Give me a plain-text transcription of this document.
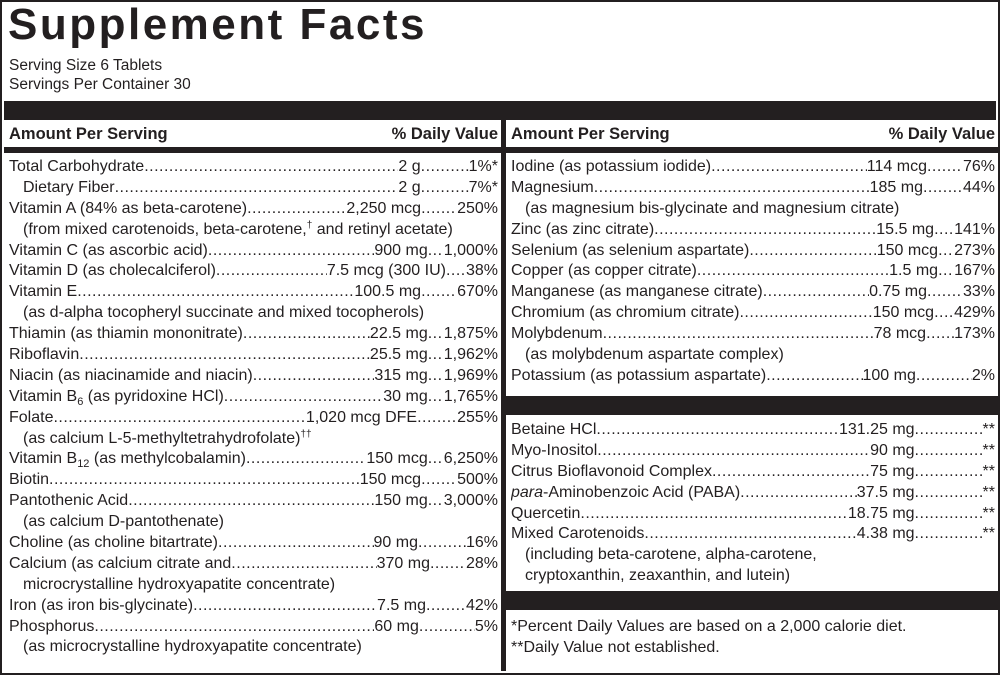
Supplement Facts
Serving Size 6 Tablets
Servings Per Container 30
Amount Per Serving	% Daily Value
Total Carbohydrate .....	2 g .....	1%*
Dietary Fiber .....	2 g .....	7%*
Vitamin A (84% as beta-carotene) .....	2,250 mcg ..... 250%
(from mixed carotenoids, beta-carotene,† and retinyl acetate)
Vitamin C (as ascorbic acid) .....	900 mg ..... 1,000%
Vitamin D (as cholecalciferol) .....	7.5 mcg (300 IU) ..... 38%
Vitamin E .....	100.5 mg ..... 670%
(as d-alpha tocopheryl succinate and mixed tocopherols)
Thiamin (as thiamin mononitrate) .....	22.5 mg ..... 1,875%
Riboflavin .....	25.5 mg ..... 1,962%
Niacin (as niacinamide and niacin) .....	315 mg ..... 1,969%
Vitamin $B_6$ (as pyridoxine HCl) .....	30 mg ..... 1,765%
Folate .....	1,020 mcg DFE .....	255%
(as calcium L-5-methyltetrahydrofolate)††
Vitamin $B_{12}$ (as methylcobalamin) .....	150 mcg ..... 6,250%
Biotin .....	150 mcg ..... 500%
Pantothenic Acid .....	150 mg ..... 3,000%
(as calcium D-pantothenate)
Choline (as choline bitartrate) .....	90 mg .....	16%
Calcium (as calcium citrate and .....	370 mg ..... 28%
microcrystalline hydroxyapatite concentrate)
Iron (as iron bis-glycinate) .....	7.5 mg .....	42%
Phosphorus .....	60 mg .....	5%
(as microcrystalline hydroxyapatite concentrate)
Amount Per Serving	% Daily Value
Iodine (as potassium iodide) .....	114 mcg ..... 76%
Magnesium .....	185 mg .....	44%
(as magnesium bis-glycinate and magnesium citrate)
Zinc (as zinc citrate) .....	15.5 mg ..... 141%
Selenium (as selenium aspartate) .....	150 mcg ..... 273%
Copper (as copper citrate) .....	1.5 mg ..... 167%
Manganese (as manganese citrate) .....	0.75 mg ..... 33%
Chromium (as chromium citrate) .....	150 mcg ..... 429%
Molybdenum .....	78 mcg ..... 173%
(as molybdenum aspartate complex)
Potassium (as potassium aspartate) .....	100 mg .....	2%
Betaine HCl .....	131.25 mg .....	**
Myo-Inositol .....	90 mg .....	**
Citrus Bioflavonoid Complex .....	75 mg .....	**
para-Aminobenzoic Acid (PABA) .....	37.5 mg .....	**
Quercetin .....	18.75 mg .....	**
Mixed Carotenoids .....	4.38 mg .....	**
(including beta-carotene, alpha-carotene,
cryptoxanthin, zeaxanthin, and lutein)
*Percent Daily Values are based on a 2,000 calorie diet.
**Daily Value not established.
